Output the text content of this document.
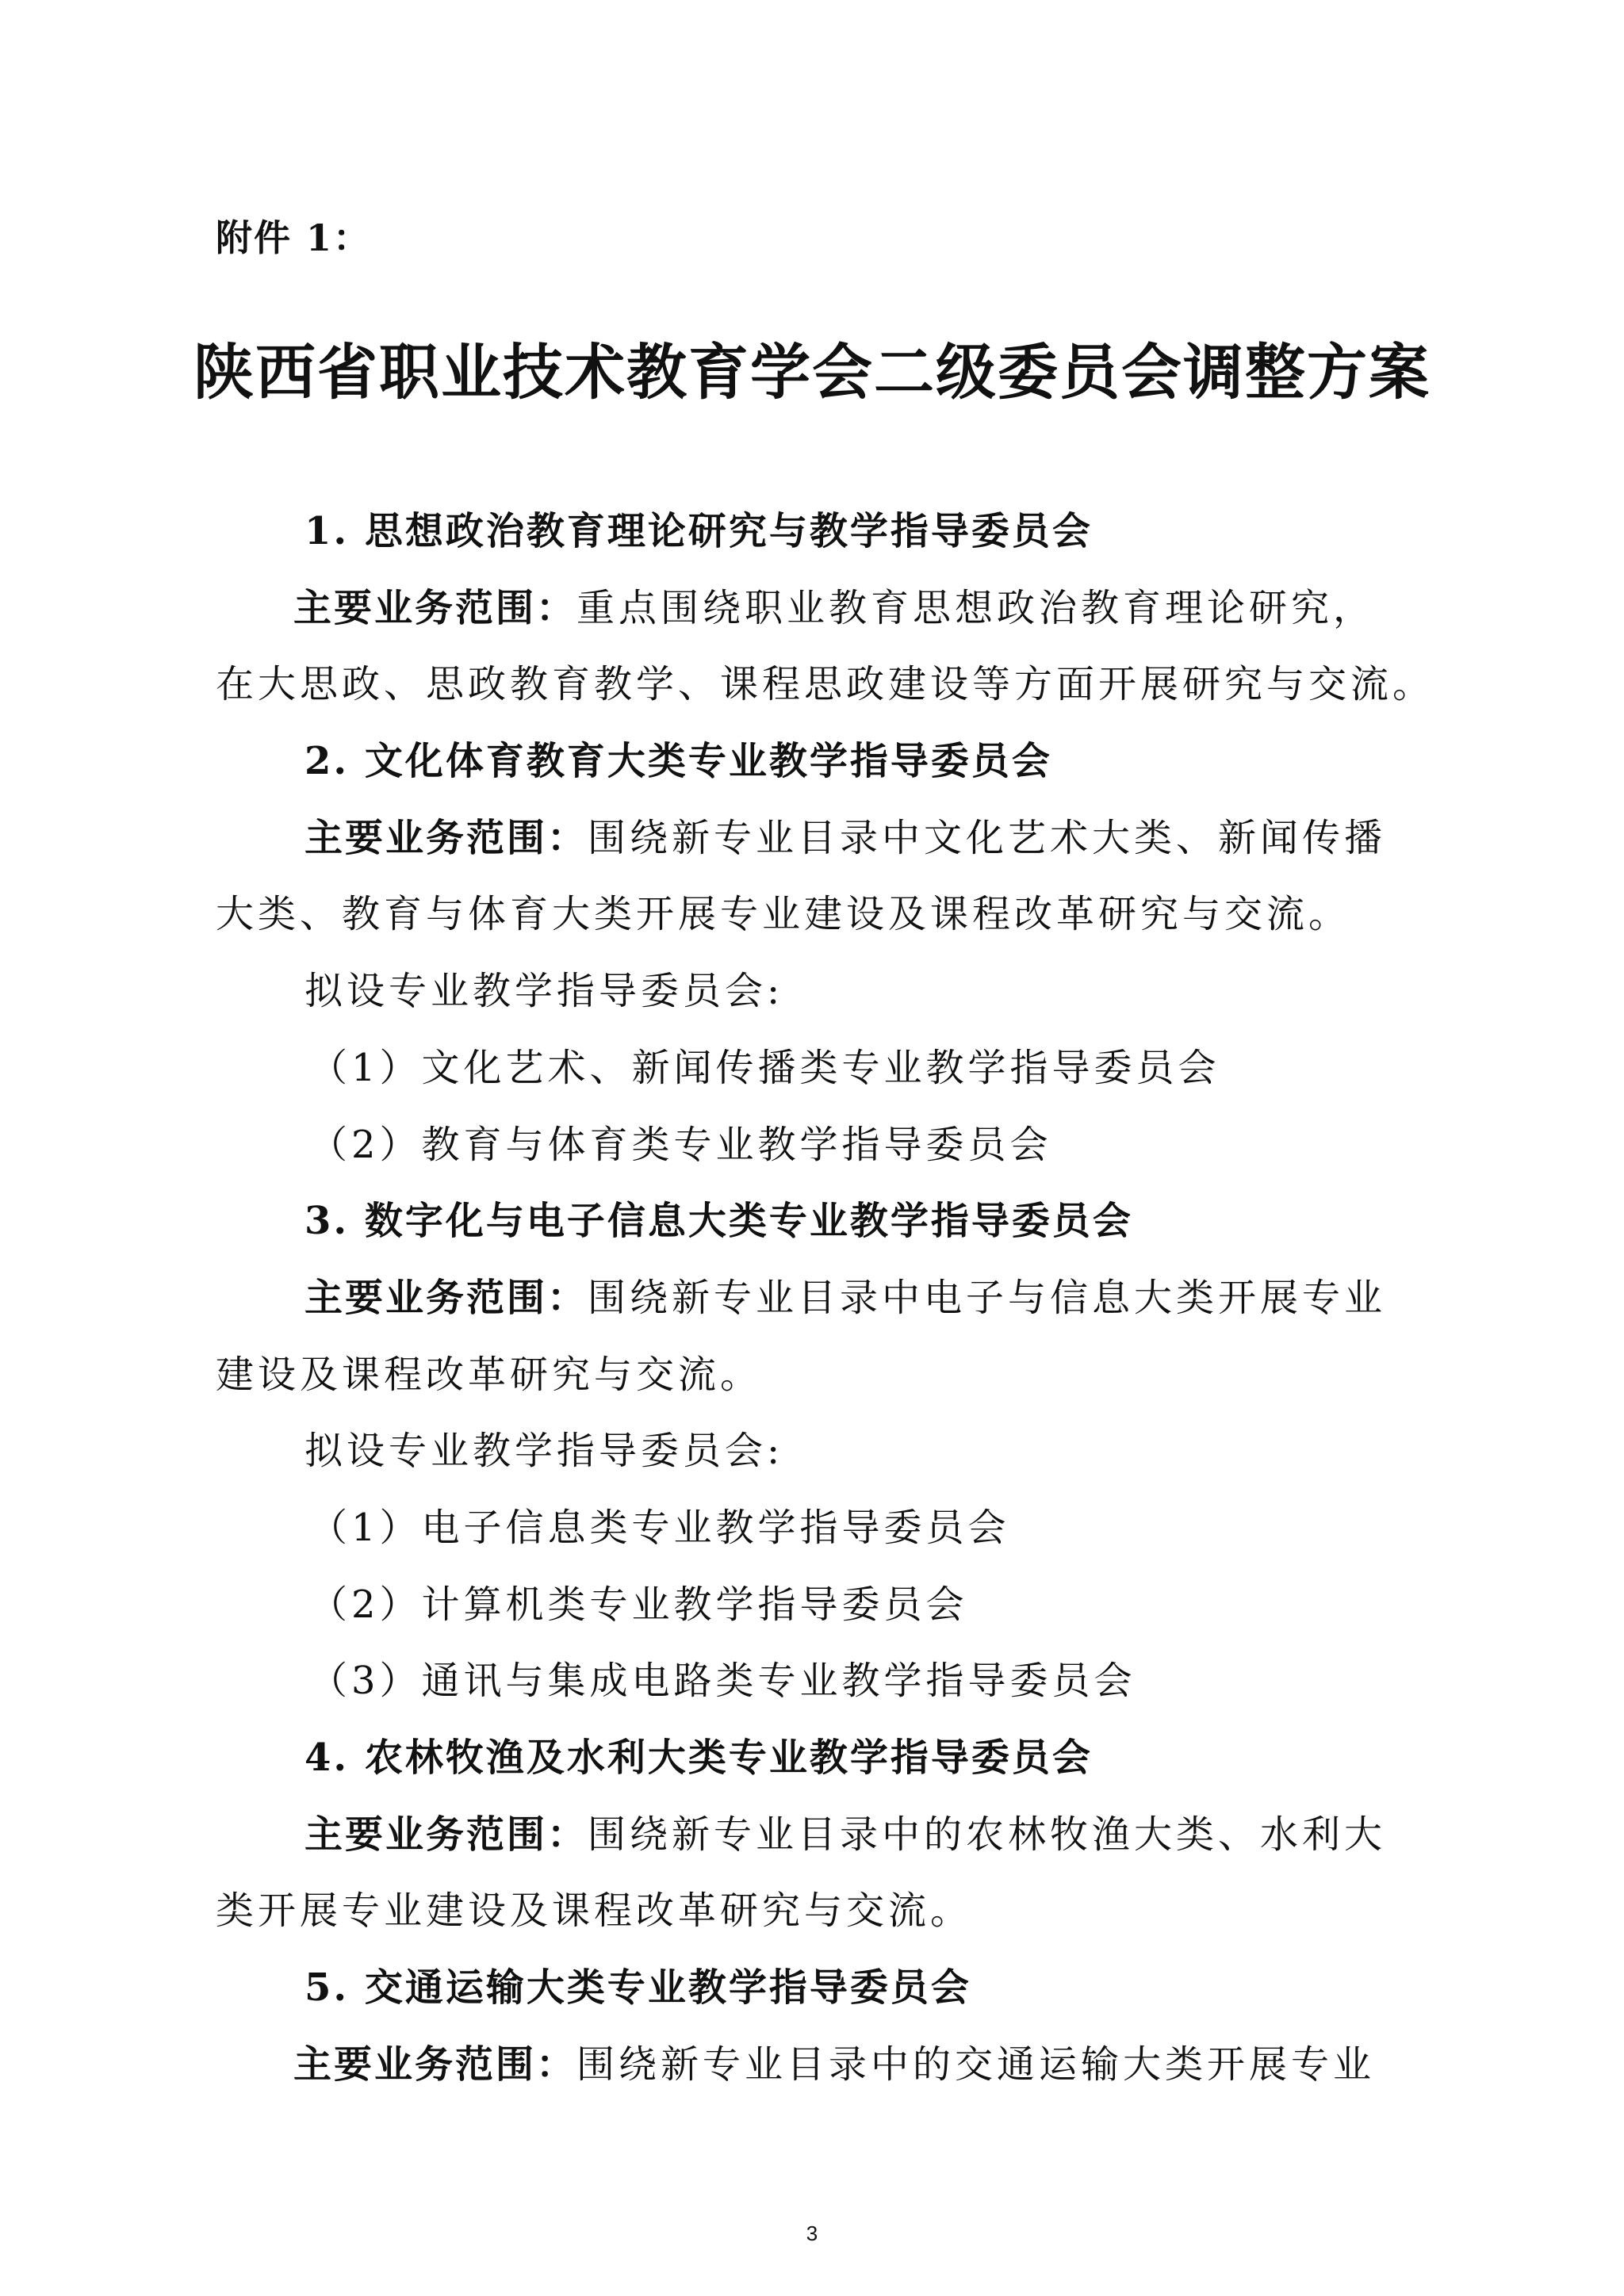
附件 1：
陕西省职业技术教育学会二级委员会调整方案
1. 思想政治教育理论研究与教学指导委员会
主要业务范围：重点围绕职业教育思想政治教育理论研究，
在大思政、思政教育教学、课程思政建设等方面开展研究与交流。
2. 文化体育教育大类专业教学指导委员会
主要业务范围：围绕新专业目录中文化艺术大类、新闻传播
大类、教育与体育大类开展专业建设及课程改革研究与交流。
拟设专业教学指导委员会:
（1）文化艺术、新闻传播类专业教学指导委员会
（2）教育与体育类专业教学指导委员会
3. 数字化与电子信息大类专业教学指导委员会
主要业务范围：围绕新专业目录中电子与信息大类开展专业
建设及课程改革研究与交流。
拟设专业教学指导委员会:
（1）电子信息类专业教学指导委员会
（2）计算机类专业教学指导委员会
（3）通讯与集成电路类专业教学指导委员会
4. 农林牧渔及水利大类专业教学指导委员会
主要业务范围：围绕新专业目录中的农林牧渔大类、水利大
类开展专业建设及课程改革研究与交流。
5. 交通运输大类专业教学指导委员会
主要业务范围：围绕新专业目录中的交通运输大类开展专业
3
